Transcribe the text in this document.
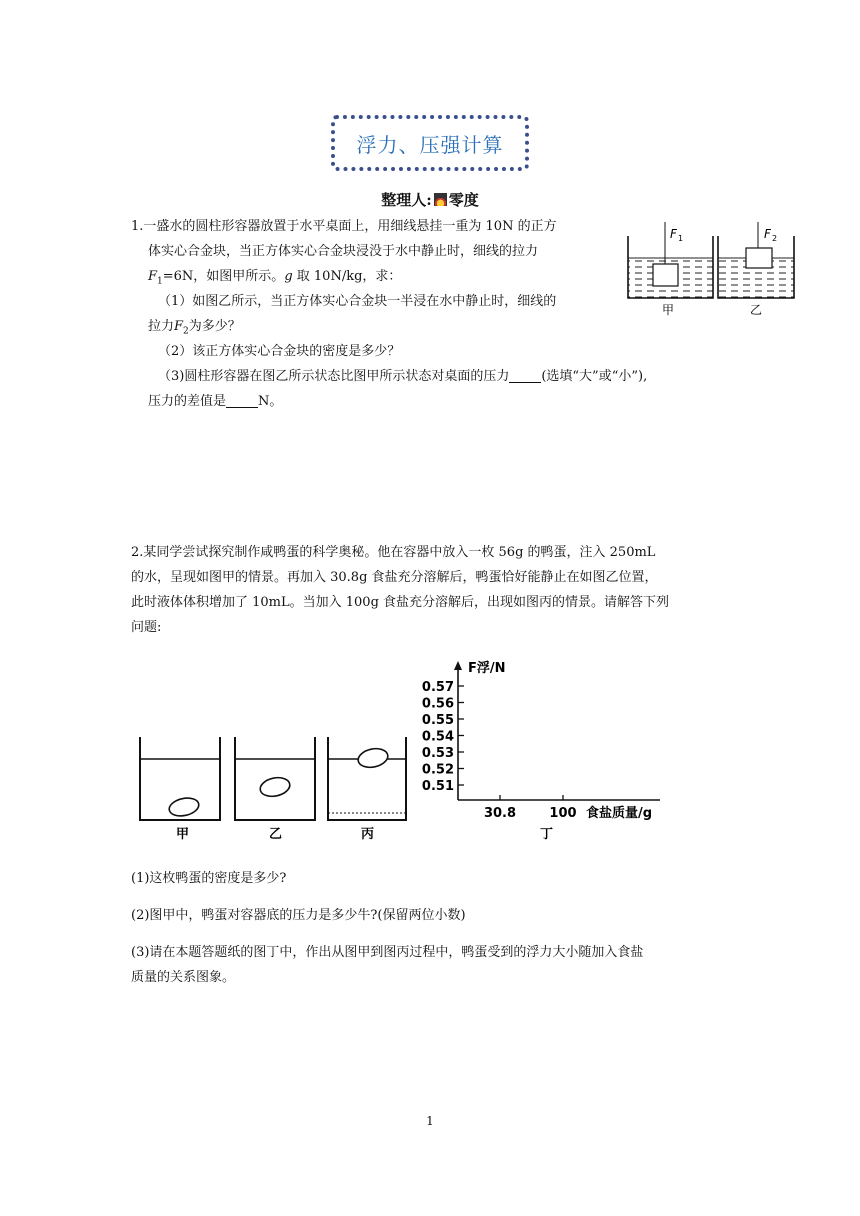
浮力、压强计算
整理人: 零度
1.一盛水的圆柱形容器放置于水平桌面上，用细线悬挂一重为 10N 的正方
体实心合金块，当正方体实心合金块浸没于水中静止时，细线的拉力
$F_1=6N$，如图甲所示。g 取 10N/kg，求：
（1）如图乙所示，当正方体实心合金块一半浸在水中静止时，细线的
拉力$F_2$为多少？
（2）该正方体实心合金块的密度是多少？
（3)圆柱形容器在图乙所示状态比图甲所示状态对桌面的压力 (选填“大”或“小”),
压力的差值是 N。
F 1
甲
F 2
乙
2.某同学尝试探究制作咸鸭蛋的科学奥秘。他在容器中放入一枚 56g 的鸭蛋，注入 250mL
的水，呈现如图甲的情景。再加入 30.8g 食盐充分溶解后，鸭蛋恰好能静止在如图乙位置，
此时液体体积增加了 10mL。当加入 100g 食盐充分溶解后，出现如图丙的情景。请解答下列
问题:
甲	乙	丙
F浮/N
食盐质量/g
丁
0.57
0.56
0.55
0.54
0.53
0.52
0.51
30.8	100
(1)这枚鸭蛋的密度是多少?
(2)图甲中，鸭蛋对容器底的压力是多少牛?(保留两位小数)
(3)请在本题答题纸的图丁中，作出从图甲到图丙过程中，鸭蛋受到的浮力大小随加入食盐
质量的关系图象。
1
